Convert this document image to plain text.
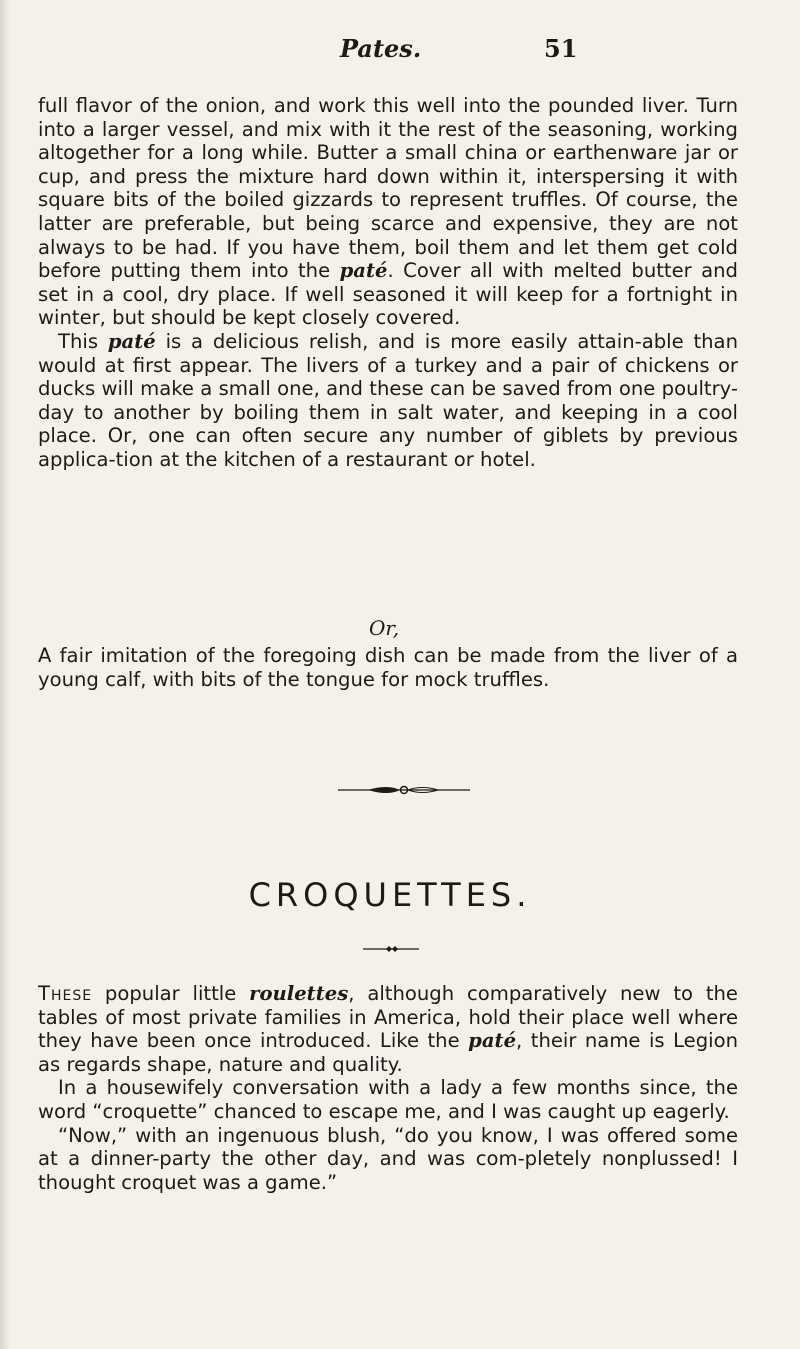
Pates.	51

full flavor of the onion, and work this well into the pounded liver. Turn into a larger vessel, and mix with it the rest of the seasoning, working altogether for a long while. Butter a small china or earthenware jar or cup, and press the mixture hard down within it, interspersing it with square bits of the boiled gizzards to represent truffles. Of course, the latter are preferable, but being scarce and expensive, they are not always to be had. If you have them, boil them and let them get cold before putting them into the paté. Cover all with melted butter and set in a cool, dry place. If well seasoned it will keep for a fortnight in winter, but should be kept closely covered.

This paté is a delicious relish, and is more easily attain-able than would at first appear. The livers of a turkey and a pair of chickens or ducks will make a small one, and these can be saved from one poultry-day to another by boiling them in salt water, and keeping in a cool place. Or, one can often secure any number of giblets by previous applica-tion at the kitchen of a restaurant or hotel.

Or,

A fair imitation of the foregoing dish can be made from the liver of a young calf, with bits of the tongue for mock truffles.

CROQUETTES.

These popular little roulettes, although comparatively new to the tables of most private families in America, hold their place well where they have been once introduced. Like the paté, their name is Legion as regards shape, nature and quality.

In a housewifely conversation with a lady a few months since, the word “croquette” chanced to escape me, and I was caught up eagerly.

“Now,” with an ingenuous blush, “do you know, I was offered some at a dinner-party the other day, and was com-pletely nonplussed! I thought croquet was a game.”
